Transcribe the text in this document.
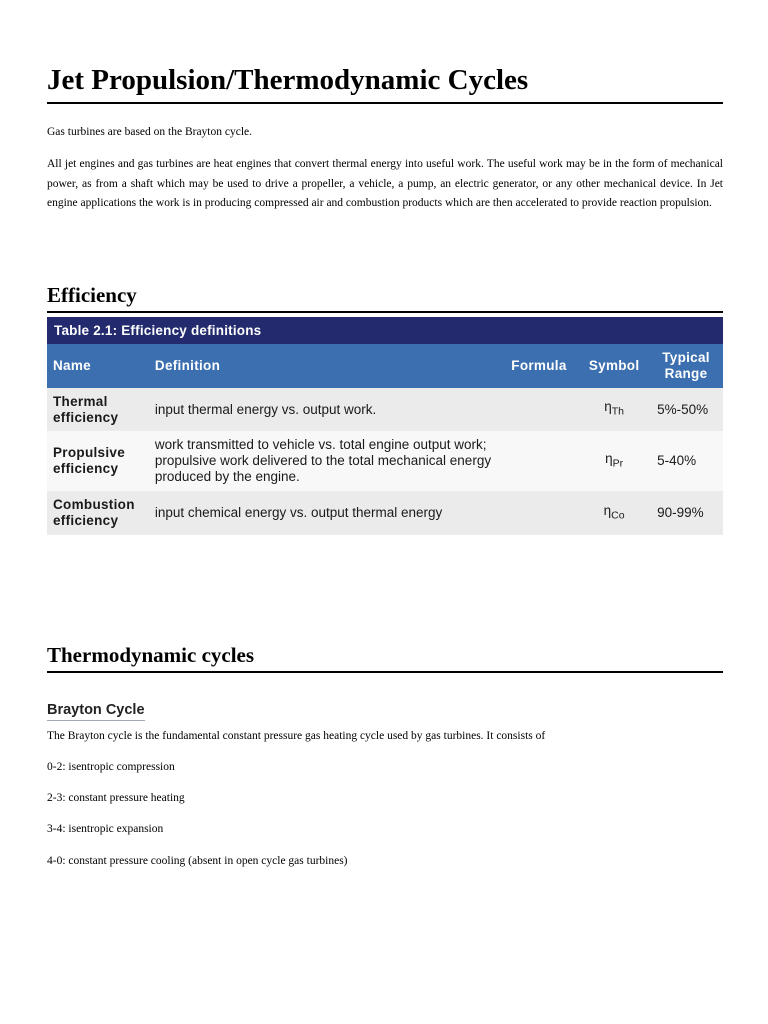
Jet Propulsion/Thermodynamic Cycles

Gas turbines are based on the Brayton cycle.

All jet engines and gas turbines are heat engines that convert thermal energy into useful work. The useful work may be in the form of mechanical power, as from a shaft which may be used to drive a propeller, a vehicle, a pump, an electric generator, or any other mechanical device. In Jet engine applications the work is in producing compressed air and combustion products which are then accelerated to provide reaction propulsion.

Efficiency
Table 2.1: Efficiency definitions
Name	Definition	Formula	Symbol	Typical Range
Thermal efficiency	input thermal energy vs. output work.		$\eta_{Th}$	5%-50%
Propulsive efficiency	work transmitted to vehicle vs. total engine output work; propulsive work delivered to the total mechanical energy produced by the engine.		$\eta_{Pr}$	5-40%
Combustion efficiency	input chemical energy vs. output thermal energy		$\eta_{Co}$	90-99%
Thermodynamic cycles
Brayton Cycle

The Brayton cycle is the fundamental constant pressure gas heating cycle used by gas turbines. It consists of

0-2: isentropic compression

2-3: constant pressure heating

3-4: isentropic expansion

4-0: constant pressure cooling (absent in open cycle gas turbines)
